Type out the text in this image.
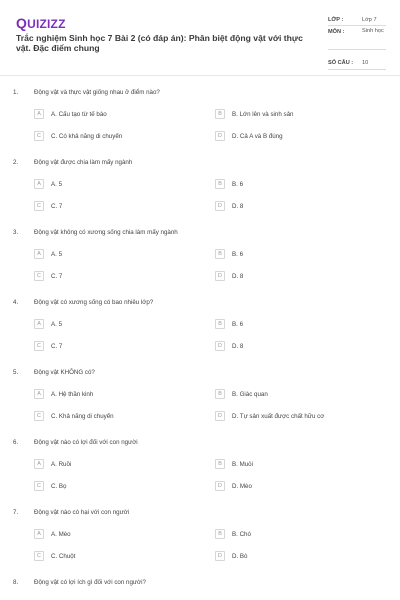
QUIZIZZ
Trắc nghiệm Sinh học 7 Bài 2 (có đáp án): Phân biệt động vật với thực vật. Đặc điểm chung
LỚP :	Lớp 7
MÔN :	Sinh học
SỐ CÂU : 10
1.	Động vật và thực vật giống nhau ở điểm nào?
A	A. Cấu tạo từ tế bào	B	B. Lớn lên và sinh sản
C	C. Có khả năng di chuyển	D	D. Cả A và B đúng
2.	Động vật được chia làm mấy ngành
A	A. 5	B	B. 6
C	C. 7	D	D. 8
3.	Động vật không có xương sống chia làm mấy ngành
A	A. 5	B	B. 6
C	C. 7	D	D. 8
4.	Động vật có xương sống có bao nhiêu lớp?
A	A. 5	B	B. 6
C	C. 7	D	D. 8
5.	Động vật KHÔNG có?
A	A. Hệ thần kinh	B	B. Giác quan
C	C. Khả năng di chuyển	D	D. Tự sản xuất được chất hữu cơ
6.	Động vật nào có lợi đối với con người
A	A. Ruồi	B	B. Muỗi
C	C. Bọ	D	D. Mèo
7.	Động vật nào có hại với con người
A	A. Mèo	B	B. Chó
C	C. Chuột	D	D. Bò
8.	Động vật có lợi ích gì đối với con người?
